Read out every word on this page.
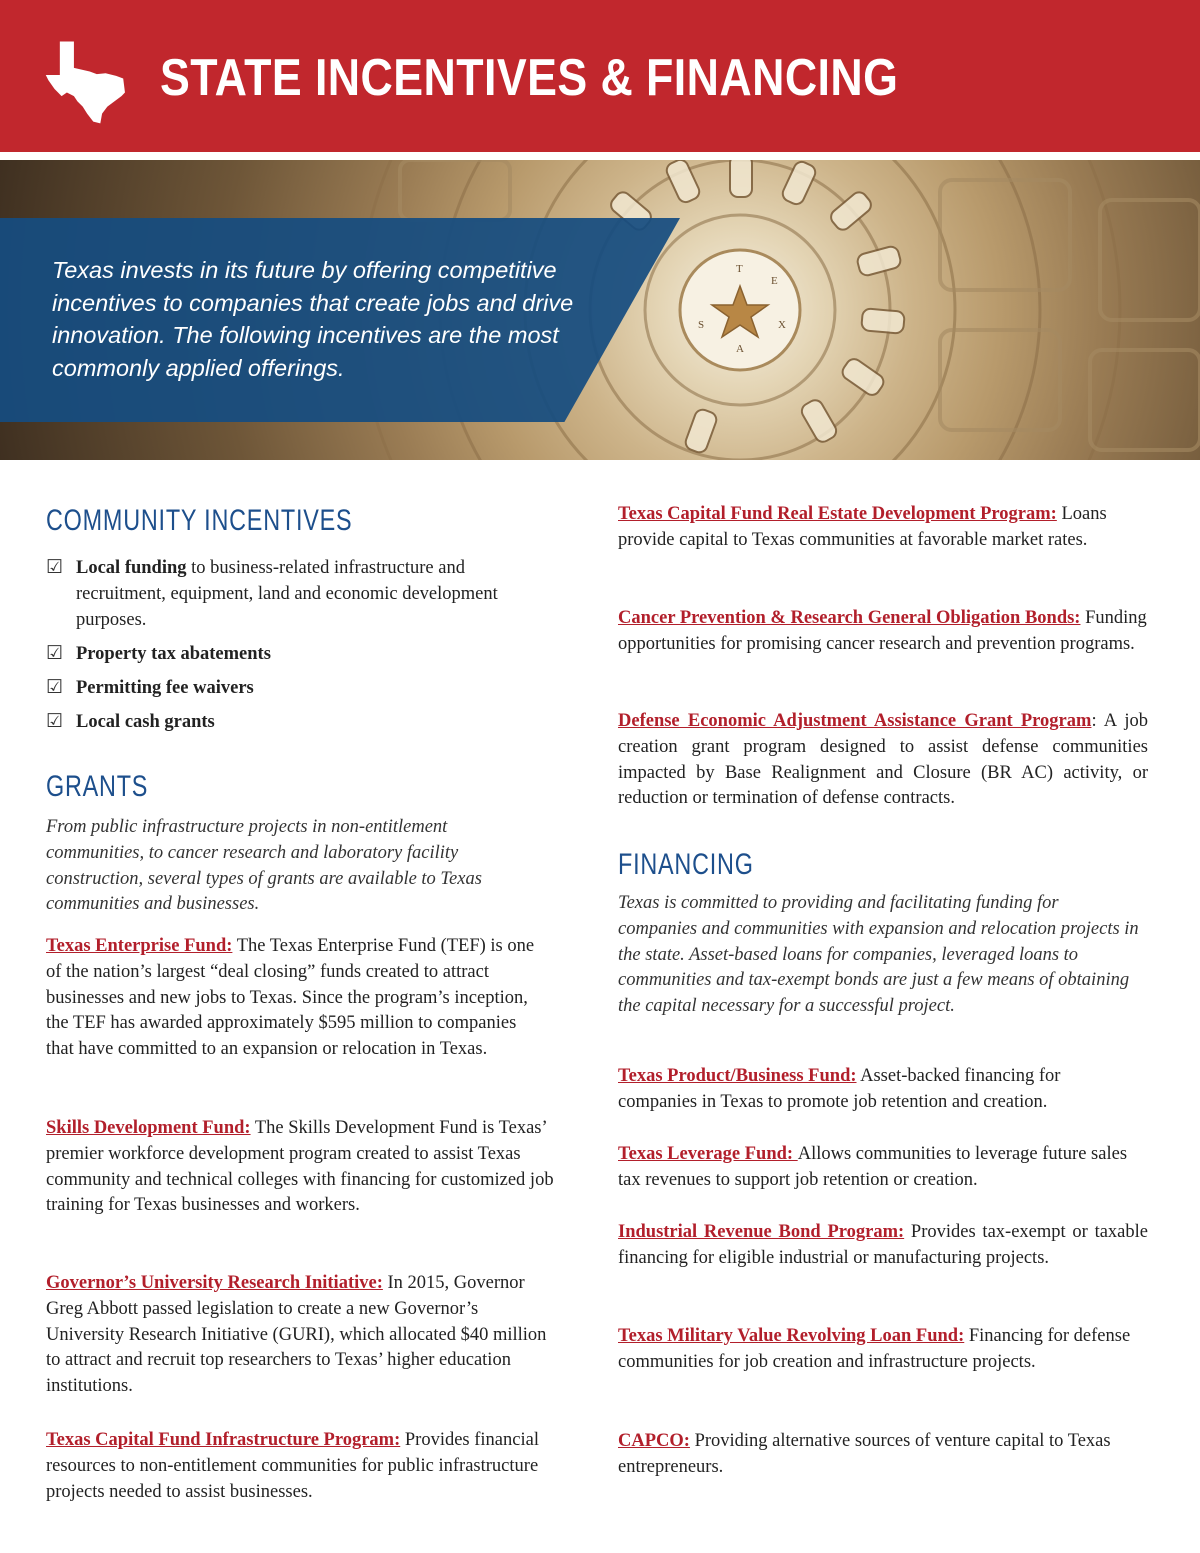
STATE INCENTIVES & FINANCING
T
E
X
A
S
Texas invests in its future by offering competitive incentives to companies that create jobs and drive innovation. The following incentives are the most commonly applied offerings.
COMMUNITY INCENTIVES
☑ Local funding to business-related infrastructure and recruitment, equipment, land and economic development purposes.
☑ Property tax abatements
☑ Permitting fee waivers
☑ Local cash grants
GRANTS
From public infrastructure projects in non-entitlement communities, to cancer research and laboratory facility construction, several types of grants are available to Texas communities and businesses.
Texas Enterprise Fund: The Texas Enterprise Fund (TEF) is one of the nation’s largest “deal closing” funds created to attract businesses and new jobs to Texas. Since the program’s inception, the TEF has awarded approximately $595 million to companies that have committed to an expansion or relocation in Texas.
Skills Development Fund: The Skills Development Fund is Texas’ premier workforce development program created to assist Texas community and technical colleges with financing for customized job training for Texas businesses and workers.
Governor’s University Research Initiative: In 2015, Governor Greg Abbott passed legislation to create a new Governor’s University Research Initiative (GURI), which allocated $40 million to attract and recruit top researchers to Texas’ higher education institutions.
Texas Capital Fund Infrastructure Program: Provides financial resources to non-entitlement communities for public infrastructure projects needed to assist businesses.
Texas Capital Fund Real Estate Development Program: Loans provide capital to Texas communities at favorable market rates.
Cancer Prevention & Research General Obligation Bonds: Funding opportunities for promising cancer research and prevention programs.
Defense Economic Adjustment Assistance Grant Program: A job creation grant program designed to assist defense communities impacted by Base Realignment and Closure (BR AC) activity, or reduction or termination of defense contracts.
FINANCING
Texas is committed to providing and facilitating funding for companies and communities with expansion and relocation projects in the state. Asset-based loans for companies, leveraged loans to communities and tax-exempt bonds are just a few means of obtaining the capital necessary for a successful project.
Texas Product/Business Fund: Asset-backed financing for companies in Texas to promote job retention and creation.
Texas Leverage Fund: Allows communities to leverage future sales tax revenues to support job retention or creation.
Industrial Revenue Bond Program: Provides tax-exempt or taxable financing for eligible industrial or manufacturing projects.
Texas Military Value Revolving Loan Fund: Financing for defense communities for job creation and infrastructure projects.
CAPCO: Providing alternative sources of venture capital to Texas entrepreneurs.
